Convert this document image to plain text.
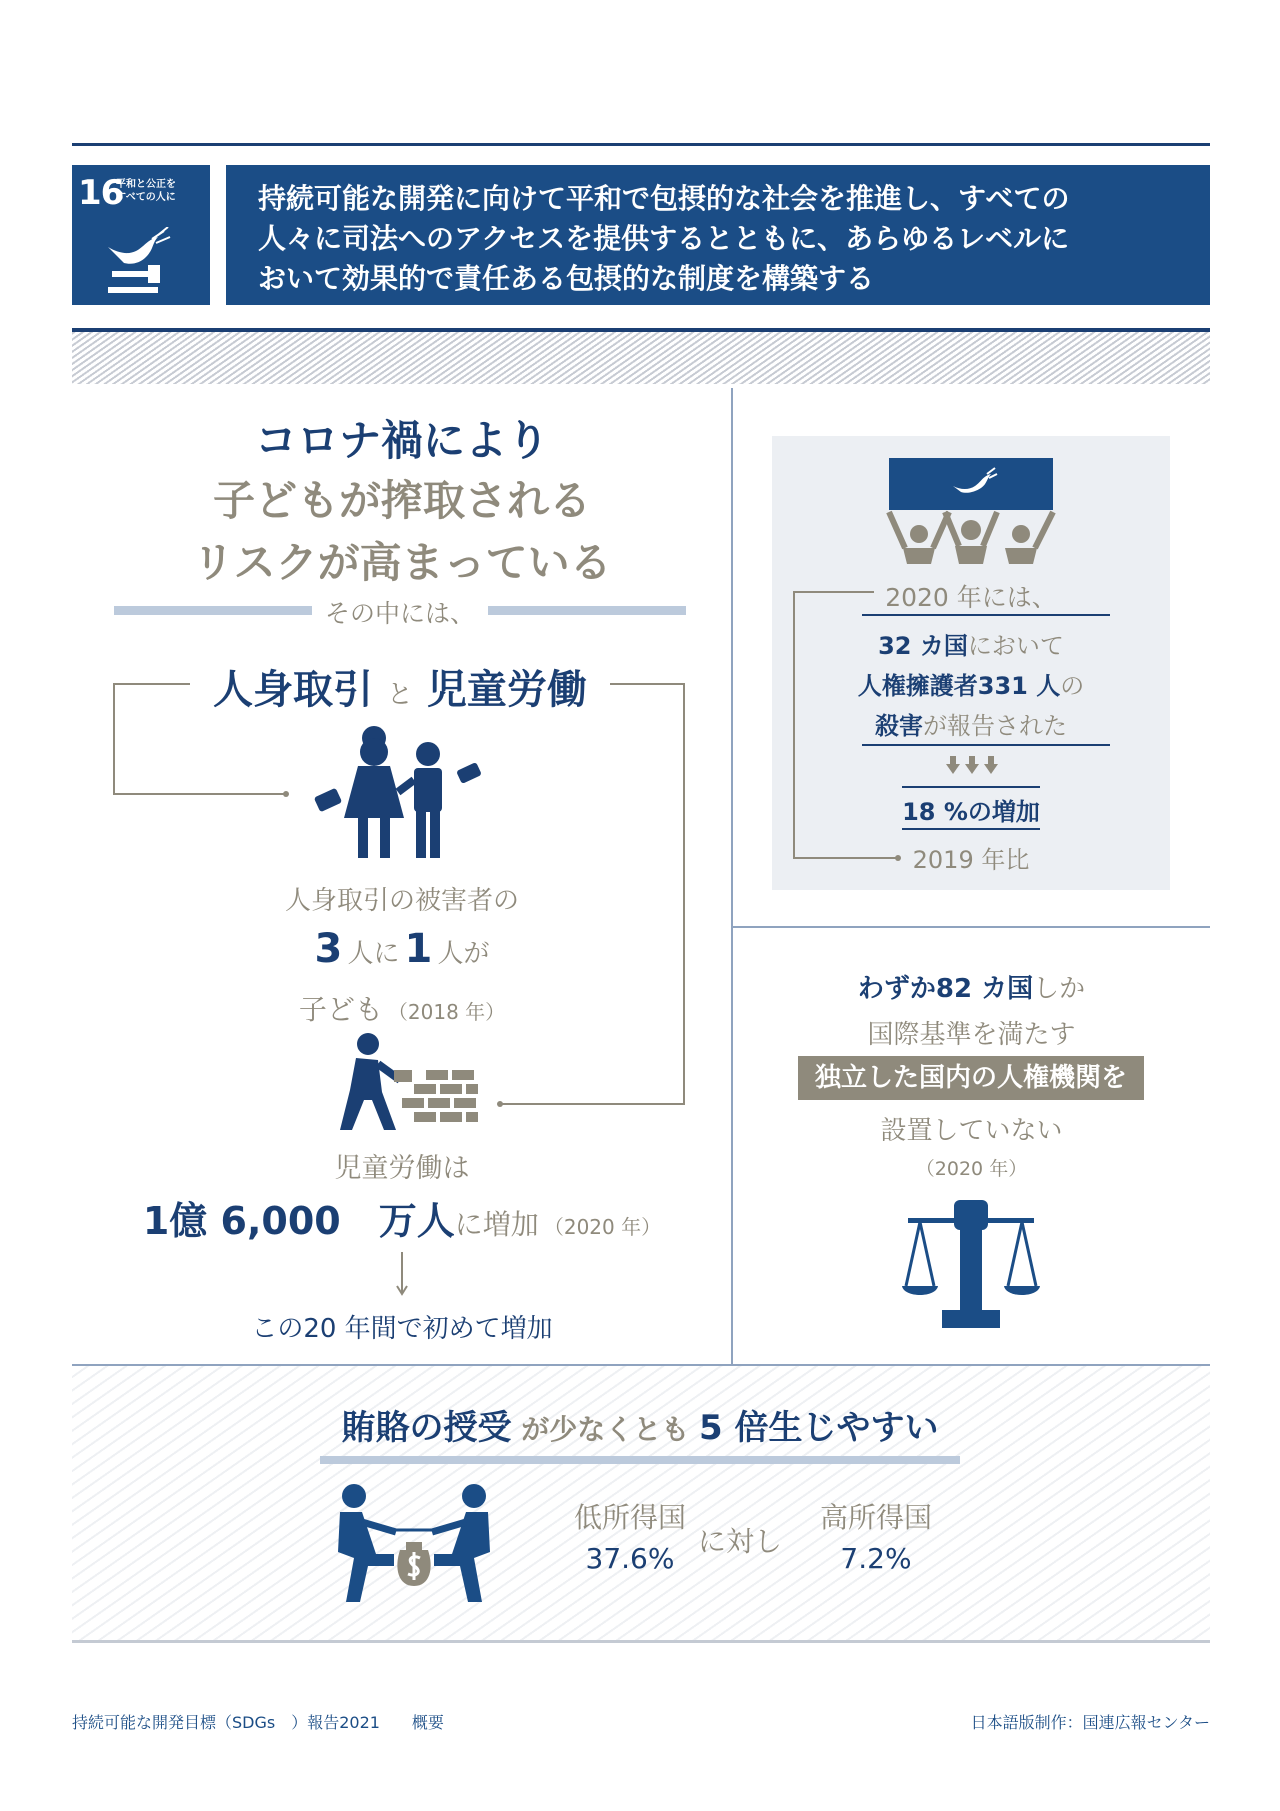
16
平和と公正を
すべての人に	持続可能な開発に向けて平和で包摂的な社会を推進し、すべての
人々に司法へのアクセスを提供するとともに、あらゆるレベルに
おいて効果的で責任ある包摂的な制度を構築する
コロナ禍により
子どもが搾取される
リスクが高まっている
その中には、
人身取引 と 児童労働
人身取引の被害者の
3 人に 1 人が
子ども （2018 年）
児童労働は
1億 6,000　万人に増加 （2020 年）
この20 年間で初めて増加
2020 年には、
32 カ国において
人権擁護者331 人の
殺害が報告された
18 %の増加
2019 年比
わずか82 カ国しか
国際基準を満たす
独立した国内の人権機関を
設置していない
（2020 年）
賄賂の授受 が少なくとも 5 倍生じやすい
低所得国
37.6%
に対し
高所得国
7.2%
持続可能な開発目標（SDGs　）報告2021　　概要	日本語版制作：国連広報センター
